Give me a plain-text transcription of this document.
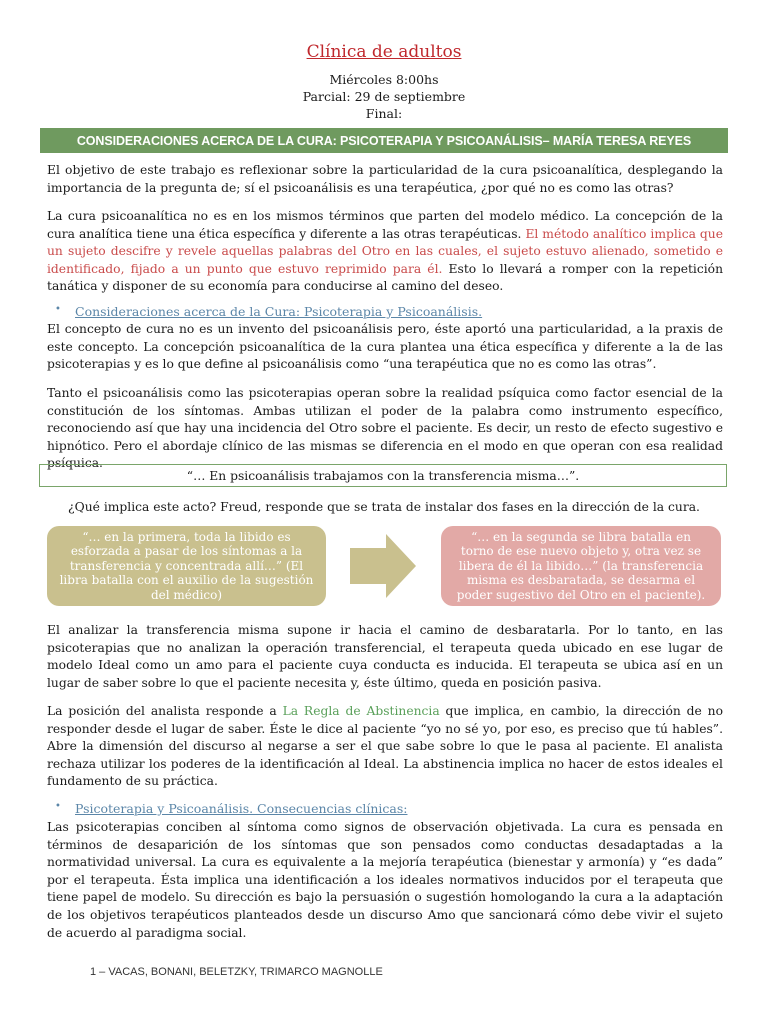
Clínica de adultos
Miércoles 8:00hs
Parcial: 29 de septiembre
Final:
CONSIDERACIONES ACERCA DE LA CURA: PSICOTERAPIA Y PSICOANÁLISIS– MARÍA TERESA REYES

El objetivo de este trabajo es reflexionar sobre la particularidad de la cura psicoanalítica, desplegando la importancia de la pregunta de; sí el psicoanálisis es una terapéutica, ¿por qué no es como las otras?

La cura psicoanalítica no es en los mismos términos que parten del modelo médico. La concepción de la cura analítica tiene una ética específica y diferente a las otras terapéuticas. El método analítico implica que un sujeto descifre y revele aquellas palabras del Otro en las cuales, el sujeto estuvo alienado, sometido e identificado, fijado a un punto que estuvo reprimido para él. Esto lo llevará a romper con la repetición tanática y disponer de su economía para conducirse al camino del deseo.

• Consideraciones acerca de la Cura: Psicoterapia y Psicoanálisis.

El concepto de cura no es un invento del psicoanálisis pero, éste aportó una particularidad, a la praxis de este concepto. La concepción psicoanalítica de la cura plantea una ética específica y diferente a la de las psicoterapias y es lo que define al psicoanálisis como “una terapéutica que no es como las otras”.

Tanto el psicoanálisis como las psicoterapias operan sobre la realidad psíquica como factor esencial de la constitución de los síntomas. Ambas utilizan el poder de la palabra como instrumento específico, reconociendo así que hay una incidencia del Otro sobre el paciente. Es decir, un resto de efecto sugestivo e hipnótico. Pero el abordaje clínico de las mismas se diferencia en el modo en que operan con esa realidad psíquica.

“… En psicoanálisis trabajamos con la transferencia misma…”.
¿Qué implica este acto? Freud, responde que se trata de instalar dos fases en la dirección de la cura.
“… en la primera, toda la libido es esforzada a pasar de los síntomas a la transferencia y concentrada allí…” (El libra batalla con el auxilio de la sugestión del médico)
“… en la segunda se libra batalla en torno de ese nuevo objeto y, otra vez se libera de él la libido…” (la transferencia misma es desbaratada, se desarma el poder sugestivo del Otro en el paciente).

El analizar la transferencia misma supone ir hacia el camino de desbaratarla. Por lo tanto, en las psicoterapias que no analizan la operación transferencial, el terapeuta queda ubicado en ese lugar de modelo Ideal como un amo para el paciente cuya conducta es inducida. El terapeuta se ubica así en un lugar de saber sobre lo que el paciente necesita y, éste último, queda en posición pasiva.

La posición del analista responde a La Regla de Abstinencia que implica, en cambio, la dirección de no responder desde el lugar de saber. Éste le dice al paciente “yo no sé yo, por eso, es preciso que tú hables”. Abre la dimensión del discurso al negarse a ser el que sabe sobre lo que le pasa al paciente. El analista rechaza utilizar los poderes de la identificación al Ideal. La abstinencia implica no hacer de estos ideales el fundamento de su práctica.

• Psicoterapia y Psicoanálisis. Consecuencias clínicas:

Las psicoterapias conciben al síntoma como signos de observación objetivada. La cura es pensada en términos de desaparición de los síntomas que son pensados como conductas desadaptadas a la normatividad universal. La cura es equivalente a la mejoría terapéutica (bienestar y armonía) y “es dada” por el terapeuta. Ésta implica una identificación a los ideales normativos inducidos por el terapeuta que tiene papel de modelo. Su dirección es bajo la persuasión o sugestión homologando la cura a la adaptación de los objetivos terapéuticos planteados desde un discurso Amo que sancionará cómo debe vivir el sujeto de acuerdo al paradigma social.

1 – VACAS, BONANI, BELETZKY, TRIMARCO MAGNOLLE
